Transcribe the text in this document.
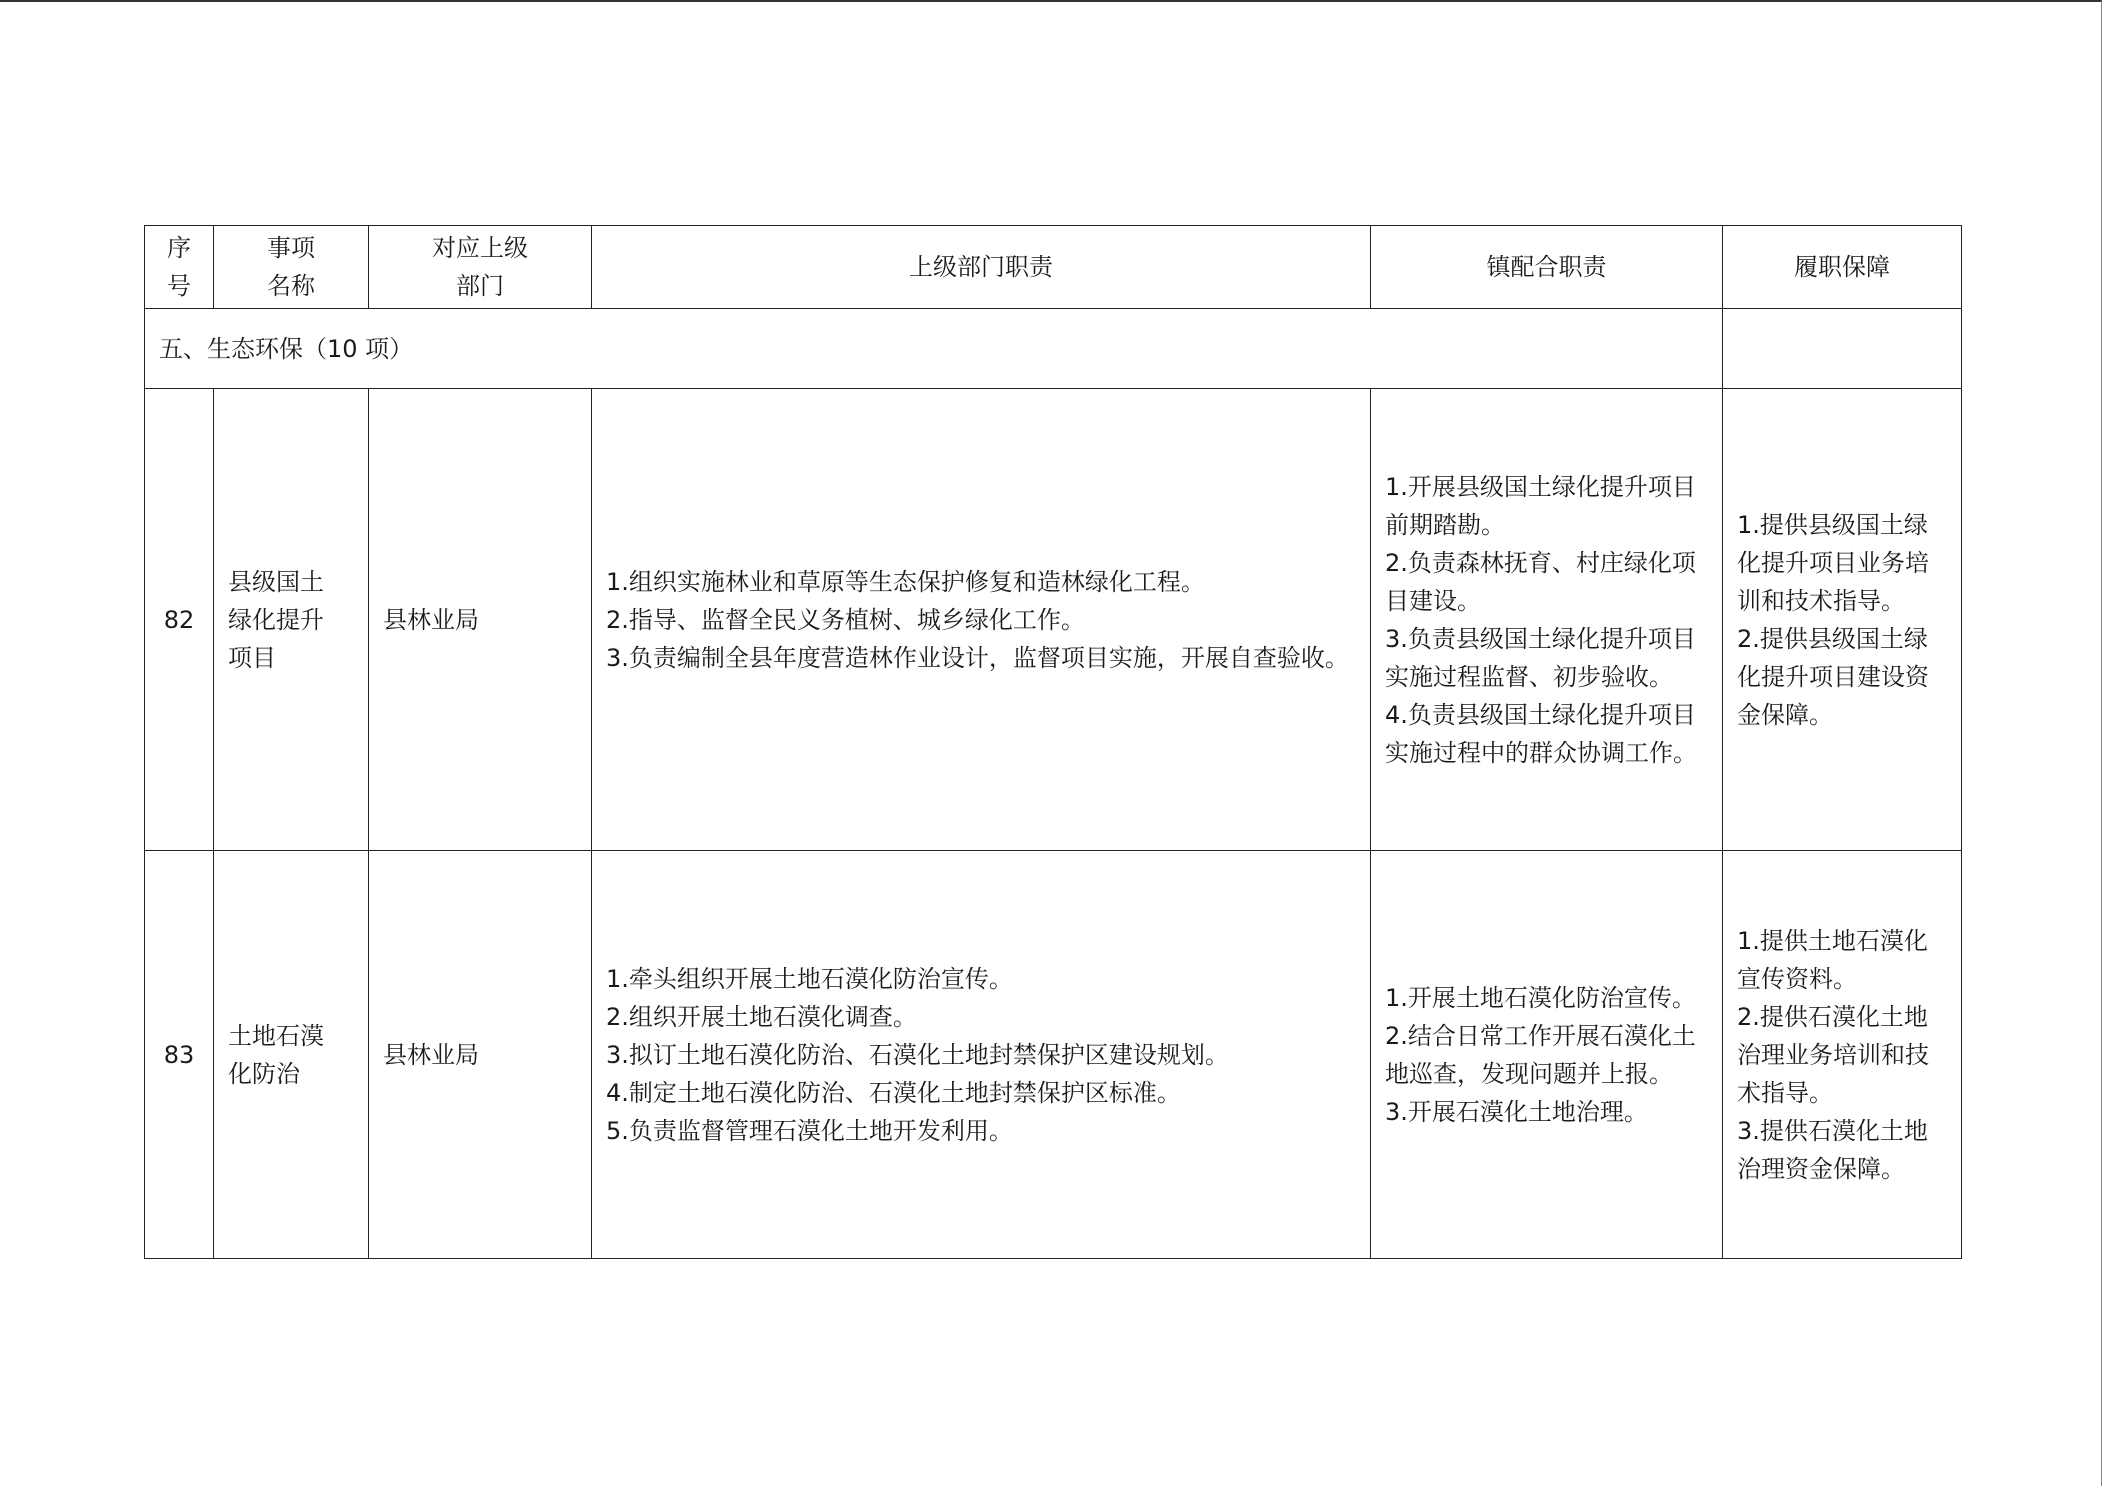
序
号	事项
名称	对应上级
部门	上级部门职责	镇配合职责	履职保障
五、生态环保（10 项）					
82	县级国土
绿化提升
项目	县林业局	1.组织实施林业和草原等生态保护修复和造林绿化工程。
2.指导、监督全民义务植树、城乡绿化工作。
3.负责编制全县年度营造林作业设计，监督项目实施，开展自查验收。	1.开展县级国土绿化提升项目前期踏勘。
2.负责森林抚育、村庄绿化项目建设。
3.负责县级国土绿化提升项目实施过程监督、初步验收。
4.负责县级国土绿化提升项目实施过程中的群众协调工作。	1.提供县级国土绿化提升项目业务培训和技术指导。
2.提供县级国土绿化提升项目建设资金保障。
83	土地石漠
化防治	县林业局	1.牵头组织开展土地石漠化防治宣传。
2.组织开展土地石漠化调查。
3.拟订土地石漠化防治、石漠化土地封禁保护区建设规划。
4.制定土地石漠化防治、石漠化土地封禁保护区标准。
5.负责监督管理石漠化土地开发利用。	1.开展土地石漠化防治宣传。
2.结合日常工作开展石漠化土地巡查，发现问题并上报。
3.开展石漠化土地治理。	1.提供土地石漠化宣传资料。
2.提供石漠化土地治理业务培训和技术指导。
3.提供石漠化土地治理资金保障。
